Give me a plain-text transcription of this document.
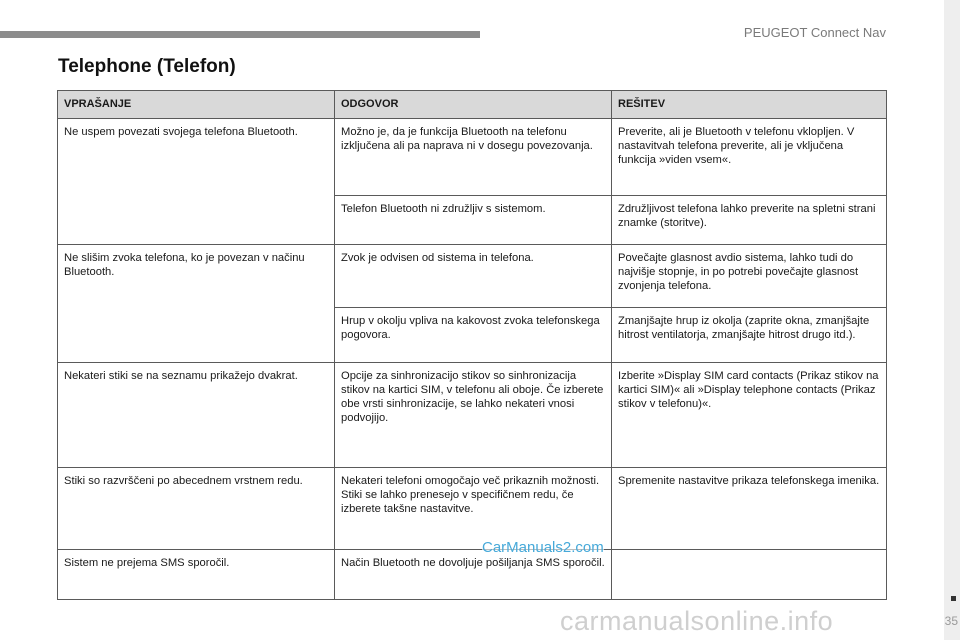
PEUGEOT Connect Nav
35
Telephone (Telefon)
VPRAŠANJE	ODGOVOR	REŠITEV
Ne uspem povezati svojega telefona Bluetooth.	Možno je, da je funkcija Bluetooth na telefonu izključena ali pa naprava ni v dosegu povezovanja.	Preverite, ali je Bluetooth v telefonu vklopljen. V nastavitvah telefona preverite, ali je vključena funkcija »viden vsem«.
	Telefon Bluetooth ni združljiv s sistemom.	Združljivost telefona lahko preverite na spletni strani znamke (storitve).
Ne slišim zvoka telefona, ko je povezan v načinu Bluetooth.	Zvok je odvisen od sistema in telefona.	Povečajte glasnost avdio sistema, lahko tudi do najvišje stopnje, in po potrebi povečajte glasnost zvonjenja telefona.
	Hrup v okolju vpliva na kakovost zvoka telefonskega pogovora.	Zmanjšajte hrup iz okolja (zaprite okna, zmanjšajte hitrost ventilatorja, zmanjšajte hitrost drugo itd.).
Nekateri stiki se na seznamu prikažejo dvakrat.	Opcije za sinhronizacijo stikov so sinhronizacija stikov na kartici SIM, v telefonu ali oboje. Če izberete obe vrsti sinhronizacije, se lahko nekateri vnosi podvojijo.	Izberite »Display SIM card contacts (Prikaz stikov na kartici SIM)« ali »Display telephone contacts (Prikaz stikov v telefonu)«.
Stiki so razvrščeni po abecednem vrstnem redu.	Nekateri telefoni omogočajo več prikaznih možnosti. Stiki se lahko prenesejo v specifičnem redu, če izberete takšne nastavitve.	Spremenite nastavitve prikaza telefonskega imenika.
Sistem ne prejema SMS sporočil.	Način Bluetooth ne dovoljuje pošiljanja SMS sporočil.	
CarManuals2.com
carmanualsonline.info
